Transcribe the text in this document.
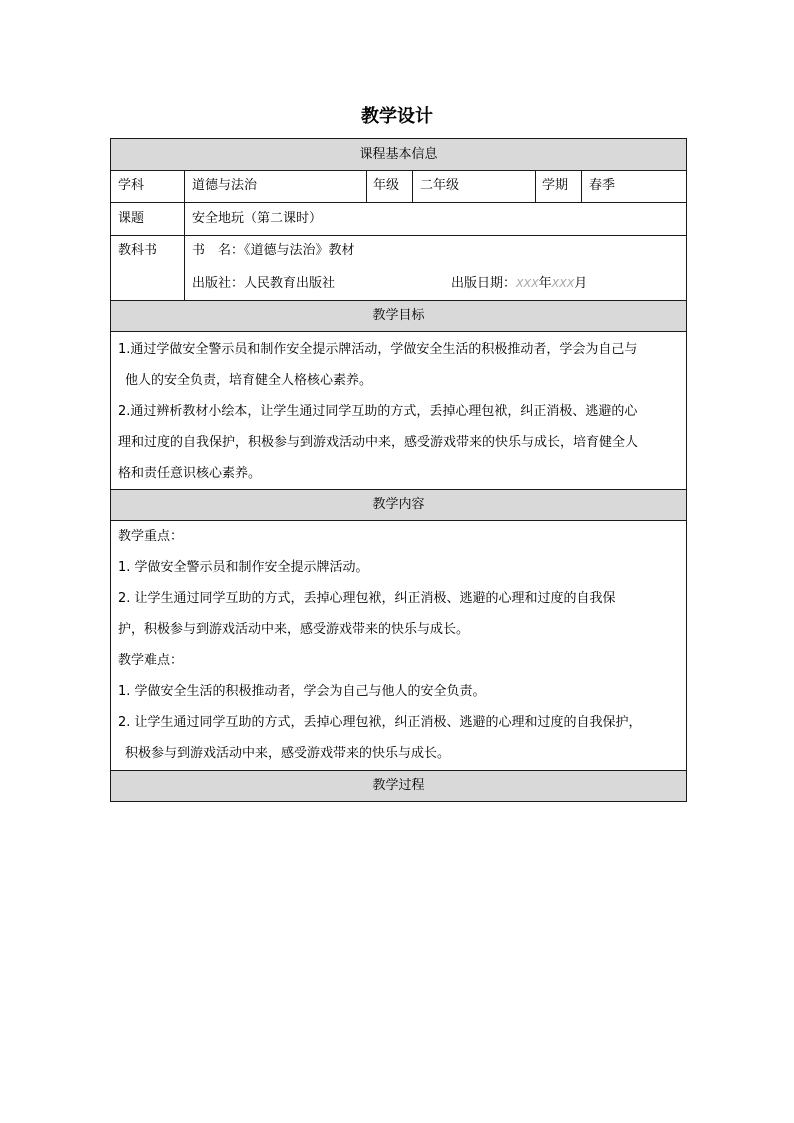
教学设计
课程基本信息
学科	道德与法治	年级 二年级	学期 春季
课题	安全地玩（第二课时）
教科书	书　名：《道德与法治》教材
出版社：人民教育出版社	出版日期：XXX年XXX月
教学目标
1.通过学做安全警示员和制作安全提示牌活动，学做安全生活的积极推动者，学会为自己与
他人的安全负责，培育健全人格核心素养。
2.通过辨析教材小绘本，让学生通过同学互助的方式，丢掉心理包袱，纠正消极、逃避的心
理和过度的自我保护，积极参与到游戏活动中来，感受游戏带来的快乐与成长，培育健全人
格和责任意识核心素养。
教学内容
教学重点：
1. 学做安全警示员和制作安全提示牌活动。
2. 让学生通过同学互助的方式，丢掉心理包袱，纠正消极、逃避的心理和过度的自我保
护，积极参与到游戏活动中来，感受游戏带来的快乐与成长。
教学难点：
1. 学做安全生活的积极推动者，学会为自己与他人的安全负责。
2. 让学生通过同学互助的方式，丢掉心理包袱，纠正消极、逃避的心理和过度的自我保护，
积极参与到游戏活动中来，感受游戏带来的快乐与成长。
教学过程
